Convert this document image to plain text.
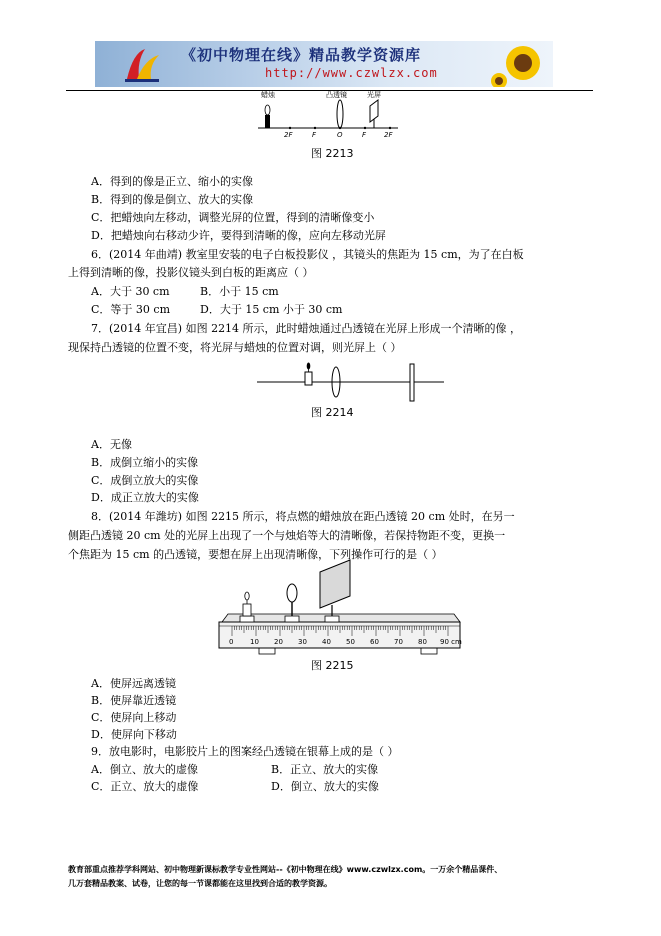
《初中物理在线》精品教学资源库
http://www.czwlzx.com
蜡烛	凸透镜	光屏
2F	F	O	F	2F
图 2213
A．得到的像是正立、缩小的实像
B．得到的像是倒立、放大的实像
C．把蜡烛向左移动，调整光屏的位置，得到的清晰像变小
D．把蜡烛向右移动少许，要得到清晰的像，应向左移动光屏
6．(2014 年曲靖) 教室里安装的电子白板投影仪 ，其镜头的焦距为 15 cm，为了在白板
上得到清晰的像，投影仪镜头到白板的距离应（ ）
A．大于 30 cm	B．小于 15 cm
C．等于 30 cm	D．大于 15 cm 小于 30 cm
7．(2014 年宜昌) 如图 2214 所示，此时蜡烛通过凸透镜在光屏上形成一个清晰的像 ，
现保持凸透镜的位置不变，将光屏与蜡烛的位置对调，则光屏上（ ）
图 2214
A．无像
B．成倒立缩小的实像
C．成倒立放大的实像
D．成正立放大的实像
8．(2014 年潍坊) 如图 2215 所示，将点燃的蜡烛放在距凸透镜 20 cm 处时，在另一
侧距凸透镜 20 cm 处的光屏上出现了一个与烛焰等大的清晰像，若保持物距不变，更换一
个焦距为 15 cm 的凸透镜，要想在屏上出现清晰像，下列操作可行的是（ ）
0 10 20 30 40 50 60 70 80 90 cm
图 2215
A．使屏远离透镜
B．使屏靠近透镜
C．使屏向上移动
D．使屏向下移动
9．放电影时，电影胶片上的图案经凸透镜在银幕上成的是（ ）
A．倒立、放大的虚像	B．正立、放大的实像
C．正立、放大的虚像	D．倒立、放大的实像
教育部重点推荐学科网站、初中物理新课标教学专业性网站--《初中物理在线》www.czwlzx.com。一万余个精品课件、
几万套精品教案、试卷，让您的每一节课都能在这里找到合适的教学资源。
